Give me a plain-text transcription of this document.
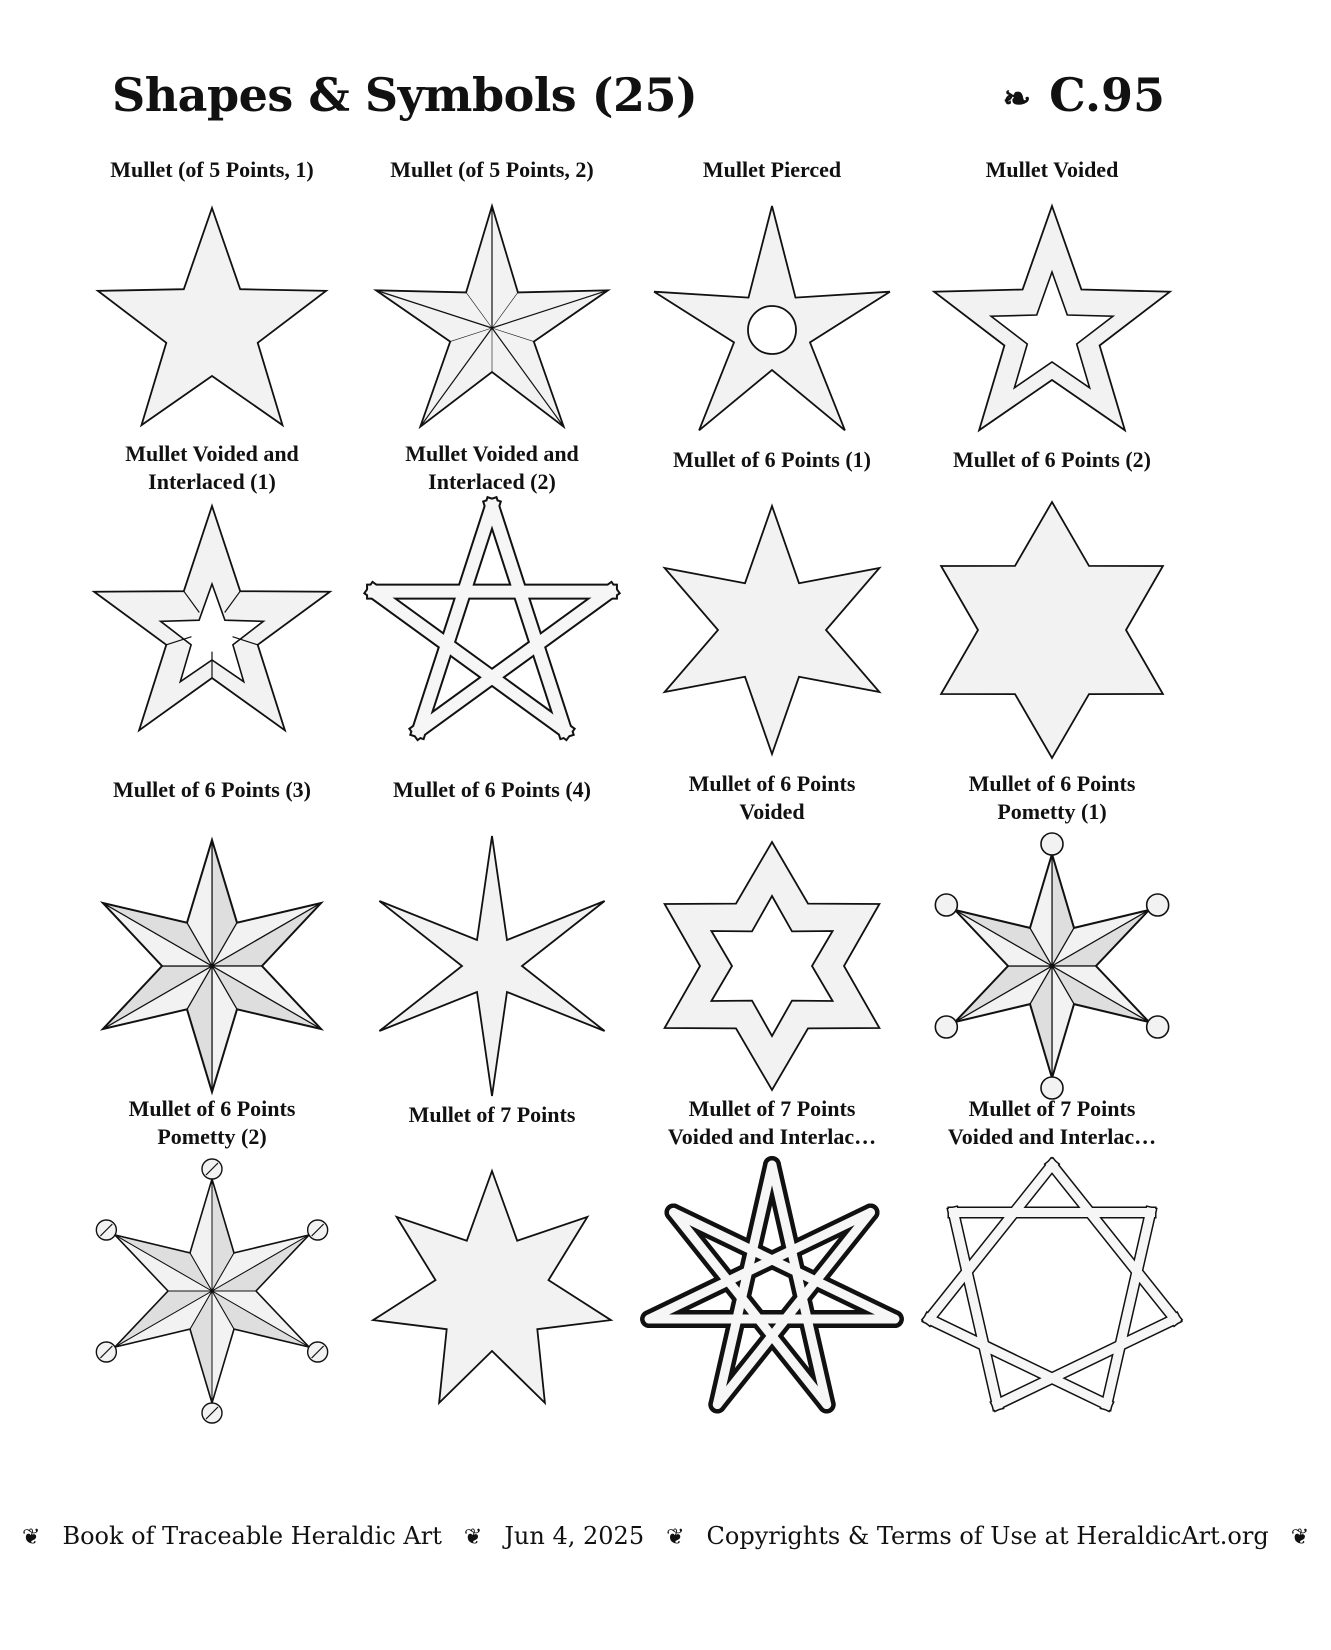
Shapes & Symbols (25)	❧ C.95
Mullet (of 5 Points, 1)	Mullet (of 5 Points, 2)	Mullet Pierced	Mullet Voided
Mullet Voided and Interlaced (1)
Mullet Voided and Interlaced (2)
Mullet of 6 Points (1)	Mullet of 6 Points (2)
Mullet of 6 Points (3)	Mullet of 6 Points (4)	Mullet of 6 Points Voided
Mullet of 6 Points Pometty (1)
Mullet of 6 Points Pometty (2)
Mullet of 7 Points	Mullet of 7 Points Voided and Interlac…
Mullet of 7 Points Voided and Interlac…
❦ Book of Traceable Heraldic Art ❦ Jun 4, 2025 ❦ Copyrights & Terms of Use at HeraldicArt.org ❦
